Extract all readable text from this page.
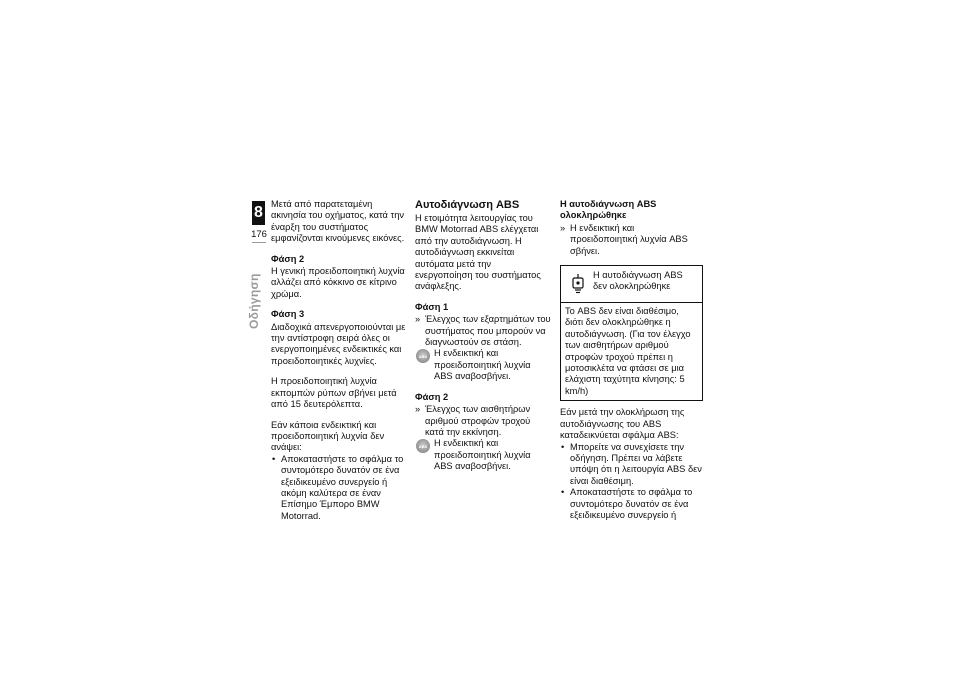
8
176
Οδήγηση

Μετά από παρατεταμένη ακινησία του οχήματος, κατά την έναρξη του συστήματος εμφανίζονται κινούμενες εικόνες.

Φάση 2

Η γενική προειδοποιητική λυχνία αλλάζει από κόκκινο σε κίτρινο χρώμα.

Φάση 3

Διαδοχικά απενεργοποιούνται με την αντίστροφη σειρά όλες οι ενεργοποιημένες ενδεικτικές και προειδοποιητικές λυχνίες.

Η προειδοποιητική λυχνία εκπομπών ρύπων σβήνει μετά από 15 δευτερόλεπτα.

Εάν κάποια ενδεικτική και προειδοποιητική λυχνία δεν ανάψει:

• Αποκαταστήστε το σφάλμα το συντομότερο δυνατόν σε ένα εξειδικευμένο συνεργείο ή ακόμη καλύτερα σε έναν Επίσημο Έμπορο BMW Motorrad.

Αυτοδιάγνωση ABS

Η ετοιμότητα λειτουργίας του BMW Motorrad ABS ελέγχεται από την αυτοδιάγνωση. Η αυτοδιάγνωση εκκινείται αυτόματα μετά την ενεργοποίηση του συστήματος ανάφλεξης.

Φάση 1

» Έλεγχος των εξαρτημάτων του συστήματος που μπορούν να διαγνωστούν σε στάση.

ABS Η ενδεικτική και προειδοποιητική λυχνία ABS αναβοσβήνει.
Φάση 2

» Έλεγχος των αισθητήρων αριθμού στροφών τροχού κατά την εκκίνηση.

ABS Η ενδεικτική και προειδοποιητική λυχνία ABS αναβοσβήνει.
Η αυτοδιάγνωση ABS ολοκληρώθηκε

» Η ενδεικτική και προειδοποιητική λυχνία ABS σβήνει.

Η αυτοδιάγνωση ABS δεν ολοκληρώθηκε
Το ABS δεν είναι διαθέσιμο, διότι δεν ολοκληρώθηκε η αυτοδιάγνωση. (Για τον έλεγχο των αισθητήρων αριθμού στροφών τροχού πρέπει η μοτοσικλέτα να φτάσει σε μια ελάχιστη ταχύτητα κίνησης: 5 km/h)

Εάν μετά την ολοκλήρωση της αυτοδιάγνωσης του ABS καταδεικνύεται σφάλμα ABS:

• Μπορείτε να συνεχίσετε την οδήγηση. Πρέπει να λάβετε υπόψη ότι η λειτουργία ABS δεν είναι διαθέσιμη.

• Αποκαταστήστε το σφάλμα το συντομότερο δυνατόν σε ένα εξειδικευμένο συνεργείο ή
